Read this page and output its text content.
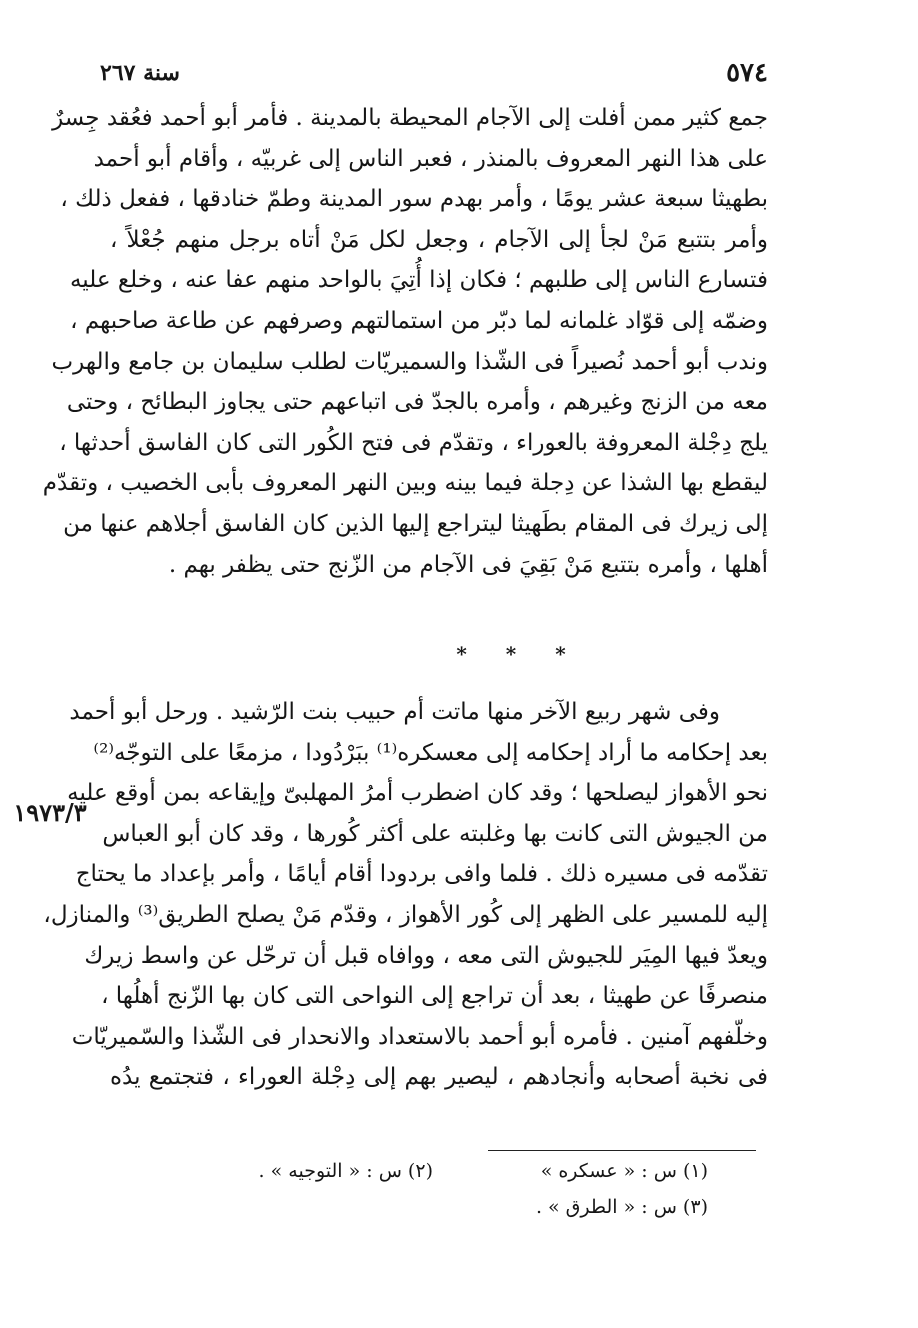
٥٧٤
سنة ٢٦٧
جمع كثير ممن أفلت إلى الآجام المحيطة بالمدينة . فأمر أبو أحمد فعُقد جِسرٌ
على هذا النهر المعروف بالمنذر ، فعبر الناس إلى غربيّه ، وأقام أبو أحمد
بطهيثا سبعة عشر يومًا ، وأمر بهدم سور المدينة وطمّ خنادقها ، ففعل ذلك ،
وأمر بتتبع مَنْ لجأ إلى الآجام ، وجعل لكل مَنْ أتاه برجل منهم جُعْلاً ،
فتسارع الناس إلى طلبهم ؛ فكان إذا أُتِيَ بالواحد منهم عفا عنه ، وخلع عليه
وضمّه إلى قوّاد غلمانه لما دبّر من استمالتهم وصرفهم عن طاعة صاحبهم ،
وندب أبو أحمد نُصيراً فى الشّذا والسميريّات لطلب سليمان بن جامع والهرب
معه من الزنج وغيرهم ، وأمره بالجدّ فى اتباعهم حتى يجاوز البطائح ، وحتى
يلج دِجْلة المعروفة بالعوراء ، وتقدّم فى فتح الكُور التى كان الفاسق أحدثها ،
ليقطع بها الشذا عن دِجلة فيما بينه وبين النهر المعروف بأبى الخصيب ، وتقدّم
إلى زيرك فى المقام بطَهيثا ليتراجع إليها الذين كان الفاسق أجلاهم عنها من
أهلها ، وأمره بتتبع مَنْ بَقِيَ فى الآجام من الزّنج حتى يظفر بهم .
* * *
وفى شهر ربيع الآخر منها ماتت أم حبيب بنت الرّشيد . ورحل أبو أحمد
بعد إحكامه ما أراد إحكامه إلى معسكره⁽¹⁾ ببَرْدُودا ، مزمعًا على التوجّه⁽²⁾
نحو الأهواز ليصلحها ؛ وقد كان اضطرب أمرُ المهلبىّ وإيقاعه بمن أوقع عليه
من الجيوش التى كانت بها وغلبته على أكثر كُورها ، وقد كان أبو العباس
تقدّمه فى مسيره ذلك . فلما وافى بردودا أقام أيامًا ، وأمر بإعداد ما يحتاج
إليه للمسير على الظهر إلى كُور الأهواز ، وقدّم مَنْ يصلح الطريق⁽³⁾ والمنازل،
ويعدّ فيها المِيَر للجيوش التى معه ، ووافاه قبل أن ترحّل عن واسط زيرك
منصرفًا عن طهيثا ، بعد أن تراجع إلى النواحى التى كان بها الزّنج أهلُها ،
وخلّفهم آمنين . فأمره أبو أحمد بالاستعداد والانحدار فى الشّذا والسّميريّات
فى نخبة أصحابه وأنجادهم ، ليصير بهم إلى دِجْلة العوراء ، فتجتمع يدُه
١٩٧٣/٣
(١) س : « عسكره »
(٢) س : « التوجيه » .
(٣) س : « الطرق » .
